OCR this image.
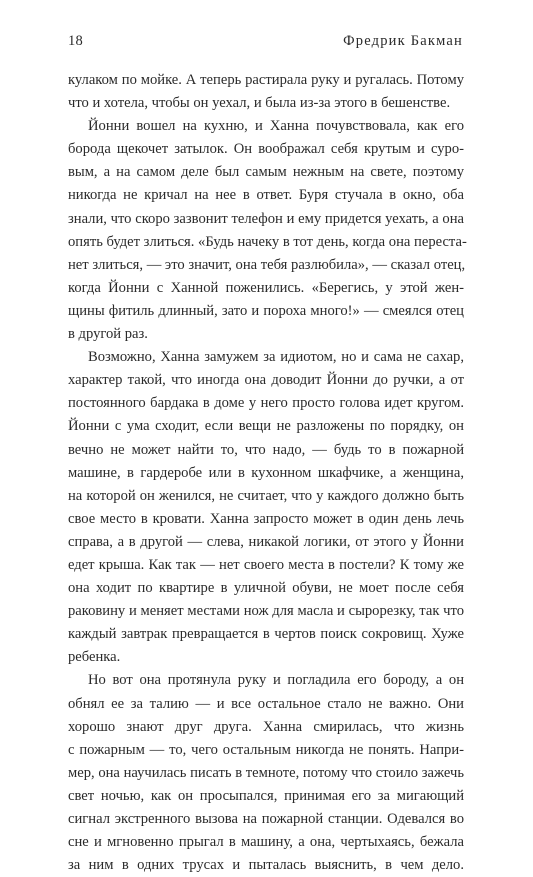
18	Фредрик Бакман

кулаком по мойке. А теперь растирала руку и ругалась. Потому
что и хотела, чтобы он уехал, и была из-за этого в бешенстве.

Йонни вошел на кухню, и Ханна почувствовала, как его
борода щекочет затылок. Он воображал себя крутым и суро-
вым, а на самом деле был самым нежным на свете, поэтому
никогда не кричал на нее в ответ. Буря стучала в окно, оба
знали, что скоро зазвонит телефон и ему придется уехать, а она
опять будет злиться. «Будь начеку в тот день, когда она переста-
нет злиться, — это значит, она тебя разлюбила», — сказал отец,
когда Йонни с Ханной поженились. «Берегись, у этой жен-
щины фитиль длинный, зато и пороха много!» — смеялся отец
в другой раз.

Возможно, Ханна замужем за идиотом, но и сама не сахар,
характер такой, что иногда она доводит Йонни до ручки, а от
постоянного бардака в доме у него просто голова идет кругом.
Йонни с ума сходит, если вещи не разложены по порядку, он
вечно не может найти то, что надо, — будь то в пожарной
машине, в гардеробе или в кухонном шкафчике, а женщина,
на которой он женился, не считает, что у каждого должно быть
свое место в кровати. Ханна запросто может в один день лечь
справа, а в другой — слева, никакой логики, от этого у Йонни
едет крыша. Как так — нет своего места в постели? К тому же
она ходит по квартире в уличной обуви, не моет после себя
раковину и меняет местами нож для масла и сырорезку, так что
каждый завтрак превращается в чертов поиск сокровищ. Хуже
ребенка.

Но вот она протянула руку и погладила его бороду, а он
обнял ее за талию — и все остальное стало не важно. Они
хорошо знают друг друга. Ханна смирилась, что жизнь
с пожарным — то, чего остальным никогда не понять. Напри-
мер, она научилась писать в темноте, потому что стоило зажечь
свет ночью, как он просыпался, принимая его за мигающий
сигнал экстренного вызова на пожарной станции. Одевался во
сне и мгновенно прыгал в машину, а она, чертыхаясь, бежала
за ним в одних трусах и пыталась выяснить, в чем дело.
